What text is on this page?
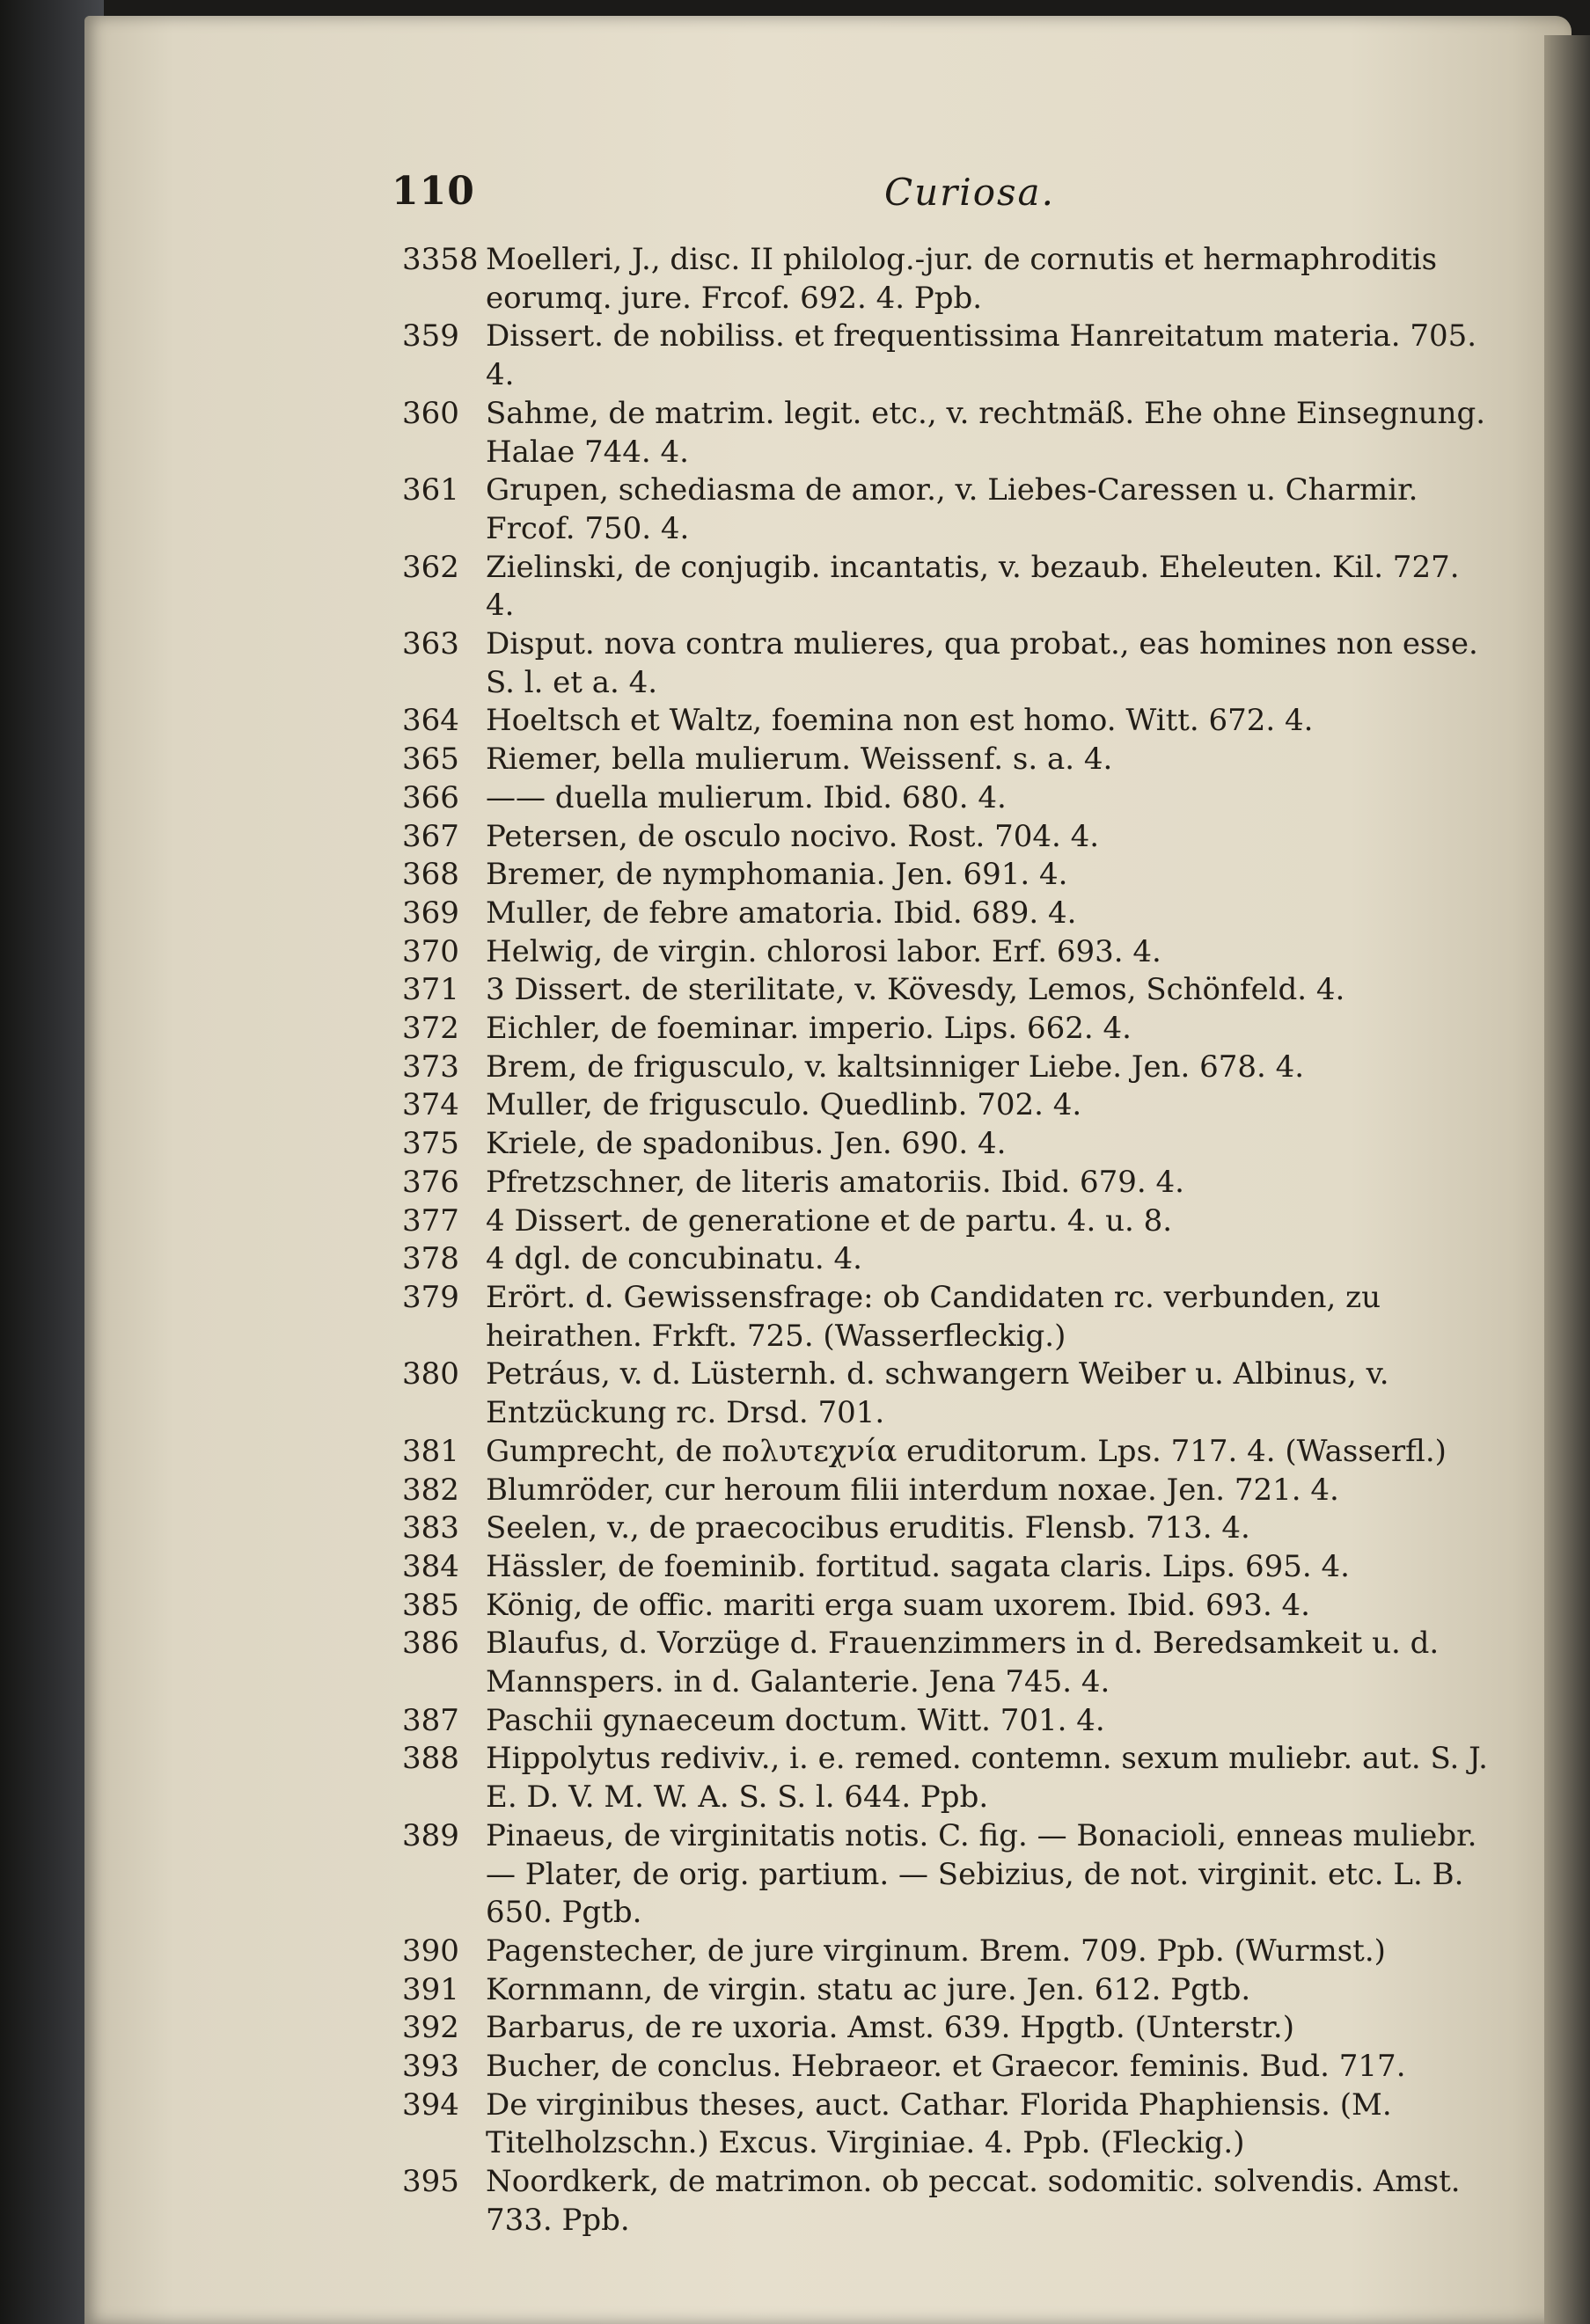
110	Curiosa.
3358 Moelleri, J., disc. II philolog.-jur. de cornutis et hermaphroditis eorumq. jure. Frcof. 692. 4. Ppb.
359 Dissert. de nobiliss. et frequentissima Hanreitatum materia. 705. 4.
360 Sahme, de matrim. legit. etc., v. rechtmäß. Ehe ohne Einsegnung. Halae 744. 4.
361 Grupen, schediasma de amor., v. Liebes-Caressen u. Charmir. Frcof. 750. 4.
362 Zielinski, de conjugib. incantatis, v. bezaub. Eheleuten. Kil. 727. 4.
363 Disput. nova contra mulieres, qua probat., eas homines non esse. S. l. et a. 4.
364 Hoeltsch et Waltz, foemina non est homo. Witt. 672. 4.
365 Riemer, bella mulierum. Weissenf. s. a. 4.
366 —— duella mulierum. Ibid. 680. 4.
367 Petersen, de osculo nocivo. Rost. 704. 4.
368 Bremer, de nymphomania. Jen. 691. 4.
369 Muller, de febre amatoria. Ibid. 689. 4.
370 Helwig, de virgin. chlorosi labor. Erf. 693. 4.
371 3 Dissert. de sterilitate, v. Kövesdy, Lemos, Schönfeld. 4.
372 Eichler, de foeminar. imperio. Lips. 662. 4.
373 Brem, de frigusculo, v. kaltsinniger Liebe. Jen. 678. 4.
374 Muller, de frigusculo. Quedlinb. 702. 4.
375 Kriele, de spadonibus. Jen. 690. 4.
376 Pfretzschner, de literis amatoriis. Ibid. 679. 4.
377 4 Dissert. de generatione et de partu. 4. u. 8.
378 4 dgl. de concubinatu. 4.
379 Erört. d. Gewissensfrage: ob Candidaten rc. verbunden, zu heirathen. Frkft. 725. (Wasserfleckig.)
380 Petráus, v. d. Lüsternh. d. schwangern Weiber u. Albinus, v. Entzückung rc. Drsd. 701.
381 Gumprecht, de πολυτεχνία eruditorum. Lps. 717. 4. (Wasserfl.)
382 Blumröder, cur heroum filii interdum noxae. Jen. 721. 4.
383 Seelen, v., de praecocibus eruditis. Flensb. 713. 4.
384 Hässler, de foeminib. fortitud. sagata claris. Lips. 695. 4.
385 König, de offic. mariti erga suam uxorem. Ibid. 693. 4.
386 Blaufus, d. Vorzüge d. Frauenzimmers in d. Beredsamkeit u. d. Mannspers. in d. Galanterie. Jena 745. 4.
387 Paschii gynaeceum doctum. Witt. 701. 4.
388 Hippolytus rediviv., i. e. remed. contemn. sexum muliebr. aut. S. J. E. D. V. M. W. A. S. S. l. 644. Ppb.
389 Pinaeus, de virginitatis notis. C. fig. — Bonacioli, enneas muliebr. — Plater, de orig. partium. — Sebizius, de not. virginit. etc. L. B. 650. Pgtb.
390 Pagenstecher, de jure virginum. Brem. 709. Ppb. (Wurmst.)
391 Kornmann, de virgin. statu ac jure. Jen. 612. Pgtb.
392 Barbarus, de re uxoria. Amst. 639. Hpgtb. (Unterstr.)
393 Bucher, de conclus. Hebraeor. et Graecor. feminis. Bud. 717.
394 De virginibus theses, auct. Cathar. Florida Phaphiensis. (M. Titelholzschn.) Excus. Virginiae. 4. Ppb. (Fleckig.)
395 Noordkerk, de matrimon. ob peccat. sodomitic. solvendis. Amst. 733. Ppb.
